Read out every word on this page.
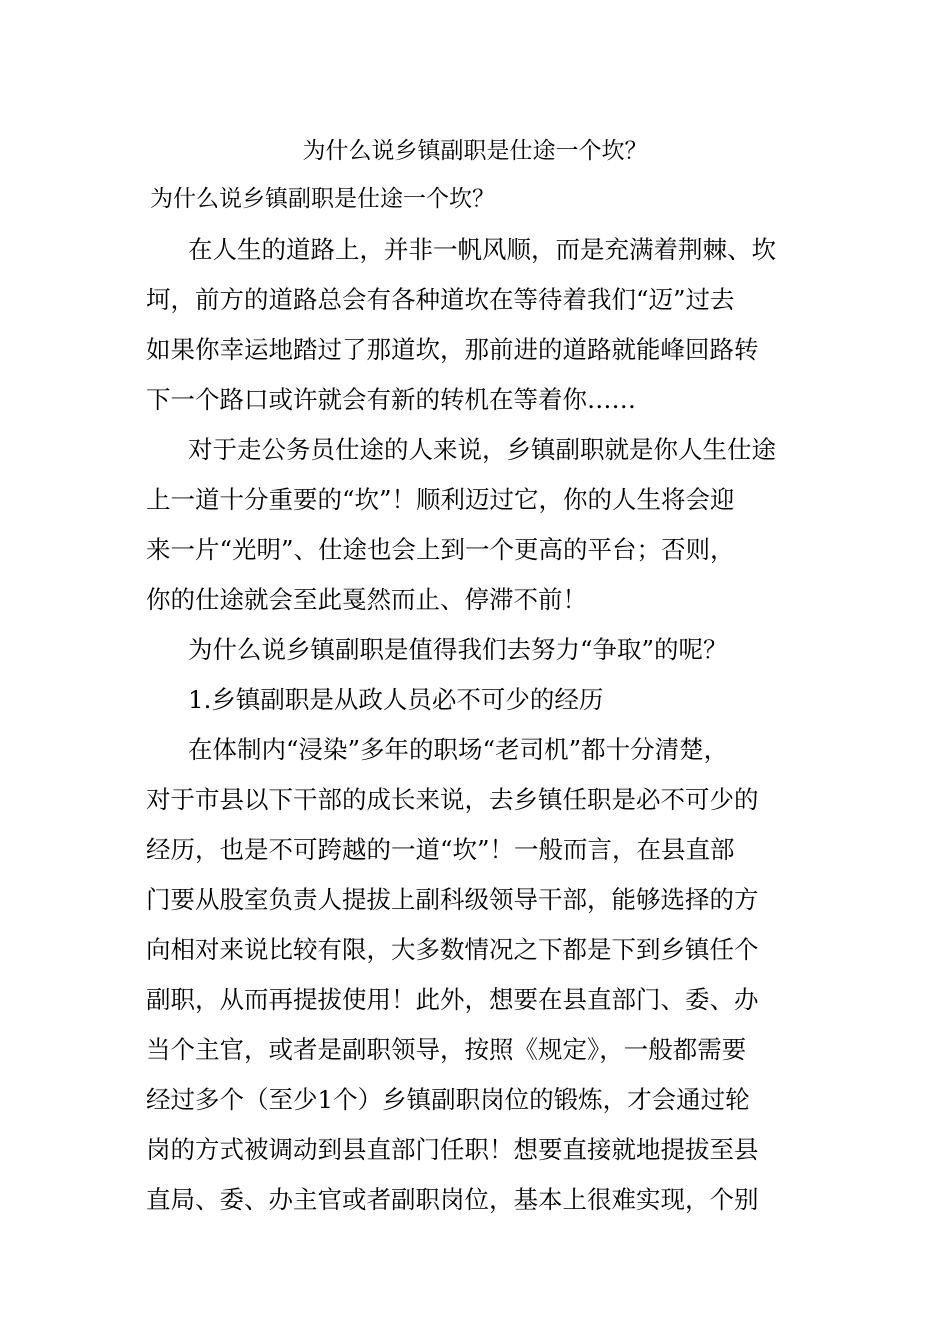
为什么说乡镇副职是仕途一个坎？
为什么说乡镇副职是仕途一个坎？
在人生的道路上，并非一帆风顺，而是充满着荆棘、坎
坷，前方的道路总会有各种道坎在等待着我们“迈”过去
如果你幸运地踏过了那道坎，那前进的道路就能峰回路转
下一个路口或许就会有新的转机在等着你……
对于走公务员仕途的人来说，乡镇副职就是你人生仕途
上一道十分重要的“坎”！顺利迈过它，你的人生将会迎
来一片“光明”、仕途也会上到一个更高的平台；否则，
你的仕途就会至此戛然而止、停滞不前！
为什么说乡镇副职是值得我们去努力“争取”的呢？
1.乡镇副职是从政人员必不可少的经历
在体制内“浸染”多年的职场“老司机”都十分清楚，
对于市县以下干部的成长来说，去乡镇任职是必不可少的
经历，也是不可跨越的一道“坎”！一般而言，在县直部
门要从股室负责人提拔上副科级领导干部，能够选择的方
向相对来说比较有限，大多数情况之下都是下到乡镇任个
副职，从而再提拔使用！此外，想要在县直部门、委、办
当个主官，或者是副职领导，按照《规定》，一般都需要
经过多个（至少1个）乡镇副职岗位的锻炼，才会通过轮
岗的方式被调动到县直部门任职！想要直接就地提拔至县
直局、委、办主官或者副职岗位，基本上很难实现，个别
